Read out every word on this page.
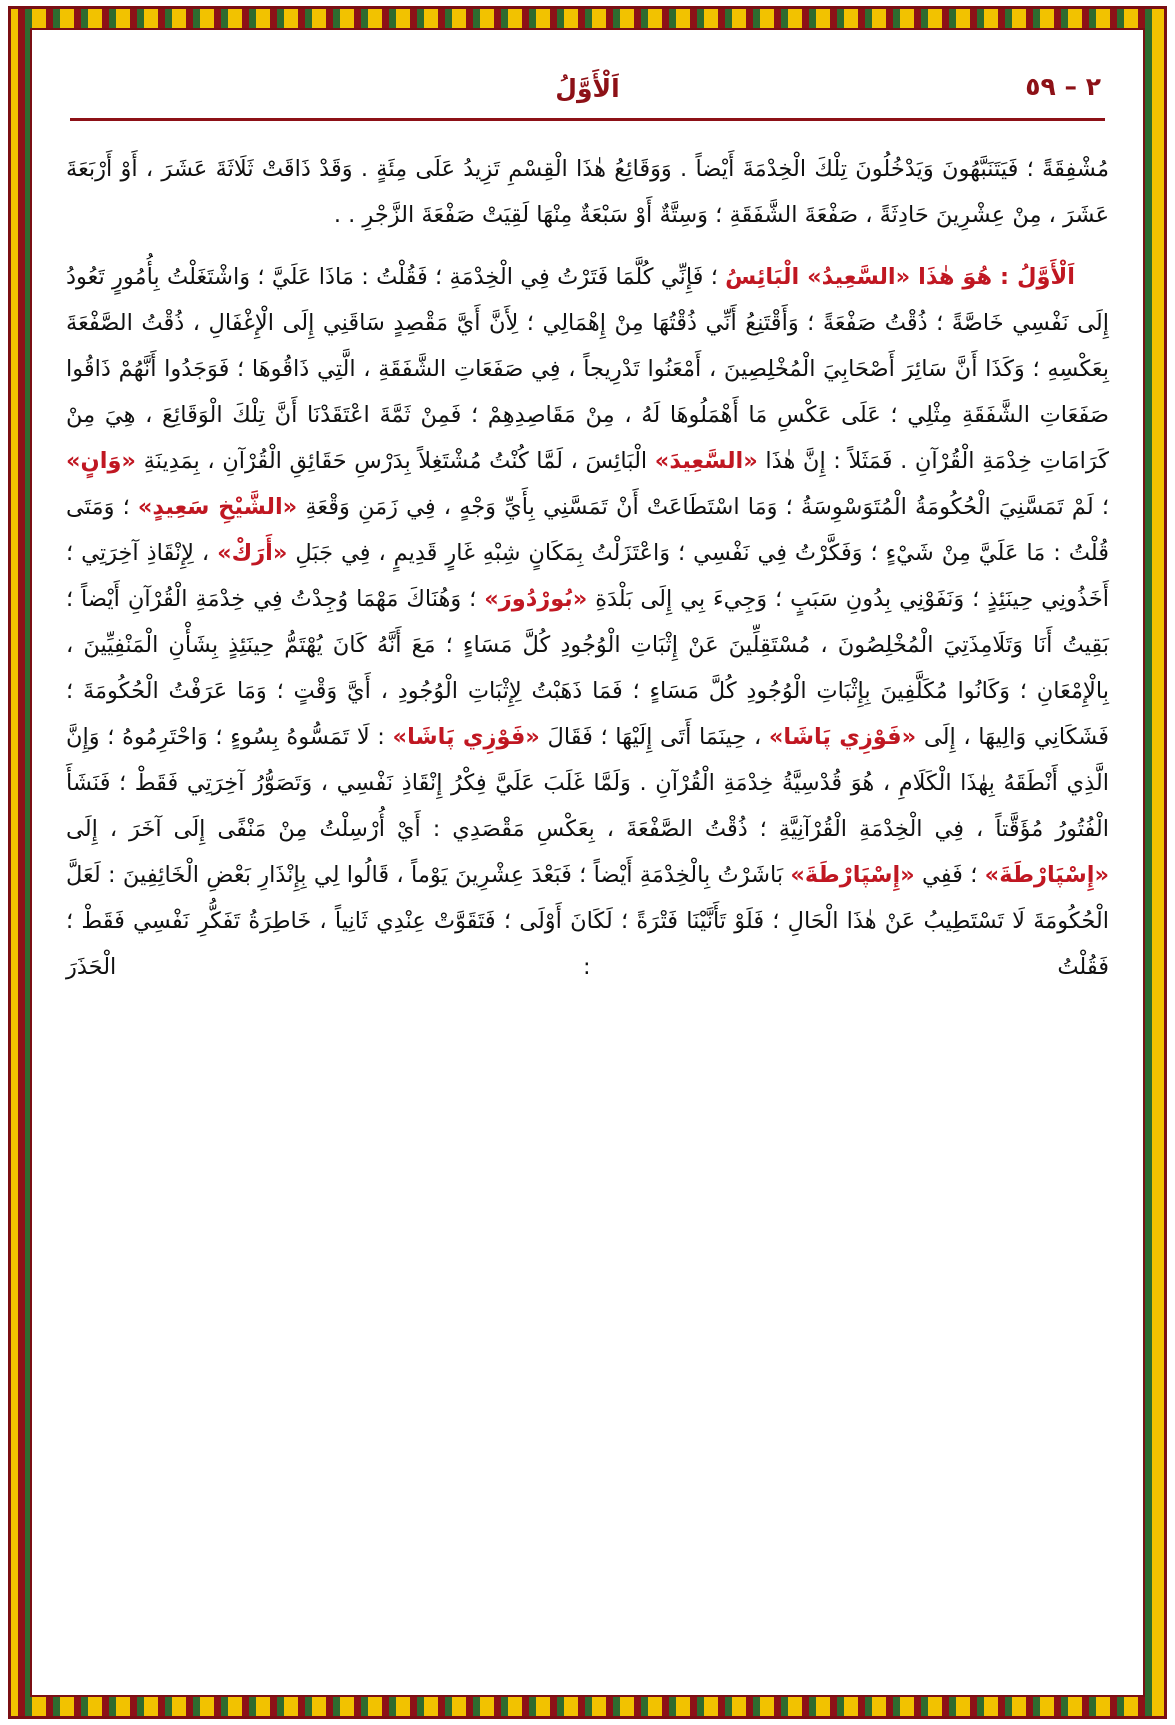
٢ – ٥٩
اَلْأَوَّلُ

مُشْفِقَةً ؛ فَيَتَنَبَّهُونَ وَيَدْخُلُونَ تِلْكَ الْخِدْمَةَ أَيْضاً . وَوَقَائِعُ هٰذَا الْقِسْمِ تَزِيدُ عَلَى مِئَةٍ . وَقَدْ ذَاقَتْ ثَلَاثَةَ عَشَرَ ، أَوْ أَرْبَعَةَ عَشَرَ ، مِنْ عِشْرِينَ حَادِثَةً ، صَفْعَةَ الشَّفَقَةِ ؛ وَسِتَّةٌ أَوْ سَبْعَةٌ مِنْهَا لَقِيَتْ صَفْعَةَ الزَّجْرِ . .

اَلْأَوَّلُ : هُوَ هٰذَا «السَّعِيدُ» الْبَائِسُ ؛ فَإِنِّي كُلَّمَا فَتَرْتُ فِي الْخِدْمَةِ ؛ فَقُلْتُ : مَاذَا عَلَيَّ ؛ وَاشْتَغَلْتُ بِأُمُورٍ تَعُودُ إِلَى نَفْسِي خَاصَّةً ؛ ذُقْتُ صَفْعَةً ؛ وَأَقْتَنِعُ أَنِّي ذُقْتُهَا مِنْ إِهْمَالِي ؛ لِأَنَّ أَيَّ مَقْصِدٍ سَاقَنِي إِلَى الْإِغْفَالِ ، ذُقْتُ الصَّفْعَةَ بِعَكْسِهِ ؛ وَكَذَا أَنَّ سَائِرَ أَصْحَابِيَ الْمُخْلِصِينَ ، أَمْعَنُوا تَدْرِيجاً ، فِي صَفَعَاتِ الشَّفَقَةِ ، الَّتِي ذَاقُوهَا ؛ فَوَجَدُوا أَنَّهُمْ ذَاقُوا صَفَعَاتِ الشَّفَقَةِ مِثْلِي ؛ عَلَى عَكْسِ مَا أَهْمَلُوهَا لَهُ ، مِنْ مَقَاصِدِهِمْ ؛ فَمِنْ ثَمَّةَ اعْتَقَدْنَا أَنَّ تِلْكَ الْوَقَائِعَ ، هِيَ مِنْ كَرَامَاتِ خِدْمَةِ الْقُرْآنِ . فَمَثَلاً : إِنَّ هٰذَا «السَّعِيدَ» الْبَائِسَ ، لَمَّا كُنْتُ مُشْتَغِلاً بِدَرْسِ حَقَائِقِ الْقُرْآنِ ، بِمَدِينَةِ «وَانٍ» ؛ لَمْ تَمَسَّنِيَ الْحُكُومَةُ الْمُتَوَسْوِسَةُ ؛ وَمَا اسْتَطَاعَتْ أَنْ تَمَسَّنِي بِأَيِّ وَجْهٍ ، فِي زَمَنِ وَقْعَةِ «الشَّيْخِ سَعِيدٍ» ؛ وَمَتَى قُلْتُ : مَا عَلَيَّ مِنْ شَيْءٍ ؛ وَفَكَّرْتُ فِي نَفْسِي ؛ وَاعْتَزَلْتُ بِمَكَانٍ شِبْهِ غَارٍ قَدِيمٍ ، فِي جَبَلِ «أَرَكْ» ، لِإِنْقَاذِ آخِرَتِي ؛ أَخَذُونِي حِينَئِذٍ ؛ وَنَفَوْنِي بِدُونِ سَبَبٍ ؛ وَجِيءَ بِي إِلَى بَلْدَةِ «بُورْدُورَ» ؛ وَهُنَاكَ مَهْمَا وُجِدْتُ فِي خِدْمَةِ الْقُرْآنِ أَيْضاً ؛ بَقِيتُ أَنَا وَتَلَامِذَتِيَ الْمُخْلِصُونَ ، مُسْتَقِلِّينَ عَنْ إِثْبَاتِ الْوُجُودِ كُلَّ مَسَاءٍ ؛ مَعَ أَنَّهُ كَانَ يُهْتَمُّ حِينَئِذٍ بِشَأْنِ الْمَنْفِيِّينَ ، بِالْإِمْعَانِ ؛ وَكَانُوا مُكَلَّفِينَ بِإِثْبَاتِ الْوُجُودِ كُلَّ مَسَاءٍ ؛ فَمَا ذَهَبْتُ لِإِثْبَاتِ الْوُجُودِ ، أَيَّ وَقْتٍ ؛ وَمَا عَرَفْتُ الْحُكُومَةَ ؛ فَشَكَانِي وَالِيهَا ، إِلَى «فَوْزِي پَاشَا» ، حِينَمَا أَتَى إِلَيْهَا ؛ فَقَالَ «فَوْزِي پَاشَا» : لَا تَمَسُّوهُ بِسُوءٍ ؛ وَاحْتَرِمُوهُ ؛ وَإِنَّ الَّذِي أَنْطَقَهُ بِهٰذَا الْكَلَامِ ، هُوَ قُدْسِيَّةُ خِدْمَةِ الْقُرْآنِ . وَلَمَّا غَلَبَ عَلَيَّ فِكْرُ إِنْقَاذِ نَفْسِي ، وَتَصَوُّرُ آخِرَتِي فَقَطْ ؛ فَنَشَأَ الْفُتُورُ مُؤَقَّتاً ، فِي الْخِدْمَةِ الْقُرْآنِيَّةِ ؛ ذُقْتُ الصَّفْعَةَ ، بِعَكْسِ مَقْصَدِي : أَيْ أُرْسِلْتُ مِنْ مَنْفًى إِلَى آخَرَ ، إِلَى «إِسْپَارْطَةَ» ؛ فَفِي «إِسْپَارْطَةَ» بَاشَرْتُ بِالْخِدْمَةِ أَيْضاً ؛ فَبَعْدَ عِشْرِينَ يَوْماً ، قَالُوا لِي بِإِنْذَارِ بَعْضِ الْخَائِفِينَ : لَعَلَّ الْحُكُومَةَ لَا تَسْتَطِيبُ عَنْ هٰذَا الْحَالِ ؛ فَلَوْ تَأَنَّيْنَا فَتْرَةً ؛ لَكَانَ أَوْلَى ؛ فَتَقَوَّتْ عِنْدِي ثَانِياً ، خَاطِرَةُ تَفَكُّرِ نَفْسِي فَقَطْ ؛ فَقُلْتُ : الْحَذَرَ
